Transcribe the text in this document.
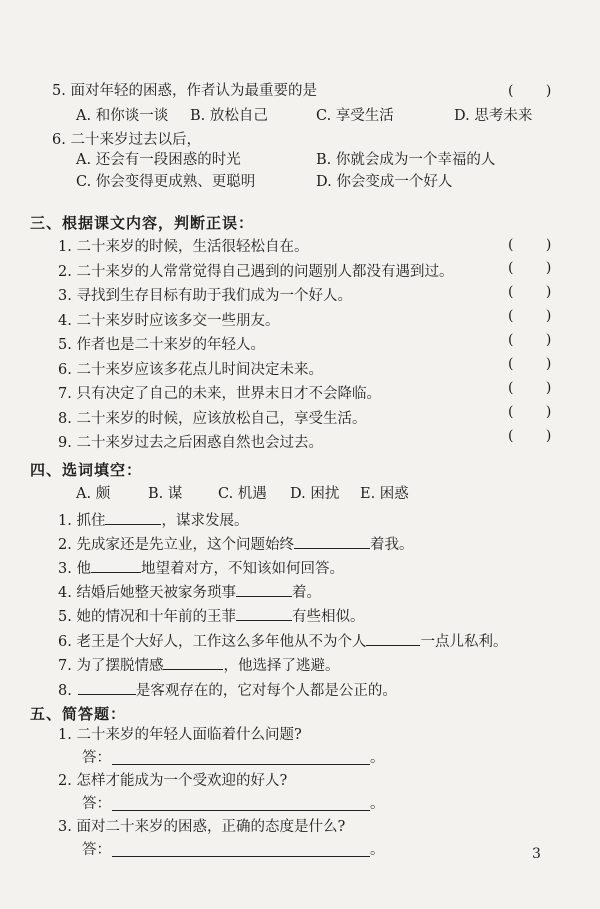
5. 面对年轻的困惑，作者认为最重要的是	( )
A. 和你谈一谈 B. 放松自己	C. 享受生活	D. 思考未来
6. 二十来岁过去以后，
A. 还会有一段困惑的时光	B. 你就会成为一个幸福的人
C. 你会变得更成熟、更聪明	D. 你会变成一个好人
三、根据课文内容，判断正误：
1. 二十来岁的时候，生活很轻松自在。	( )
2. 二十来岁的人常常觉得自己遇到的问题别人都没有遇到过。	( )
3. 寻找到生存目标有助于我们成为一个好人。	( )
4. 二十来岁时应该多交一些朋友。	( )
5. 作者也是二十来岁的年轻人。	( )
6. 二十来岁应该多花点儿时间决定未来。	( )
7. 只有决定了自己的未来，世界末日才不会降临。	( )
8. 二十来岁的时候，应该放松自己，享受生活。	( )
9. 二十来岁过去之后困惑自然也会过去。	( )
四、选词填空：
A. 颇	B. 谋 C. 机遇 D. 困扰 E. 困惑
1. 抓住	，谋求发展。
2. 先成家还是先立业，这个问题始终	着我。
3. 他	地望着对方，不知该如何回答。
4. 结婚后她整天被家务琐事	着。
5. 她的情况和十年前的王菲	有些相似。
6. 老王是个大好人，工作这么多年他从不为个人	一点儿私利。
7. 为了摆脱情感	，他选择了逃避。
8.	是客观存在的，它对每个人都是公正的。
五、简答题：
1. 二十来岁的年轻人面临着什么问题?
答：	。
2. 怎样才能成为一个受欢迎的好人?
答：	。
3. 面对二十来岁的困惑，正确的态度是什么?
答：	。	3
